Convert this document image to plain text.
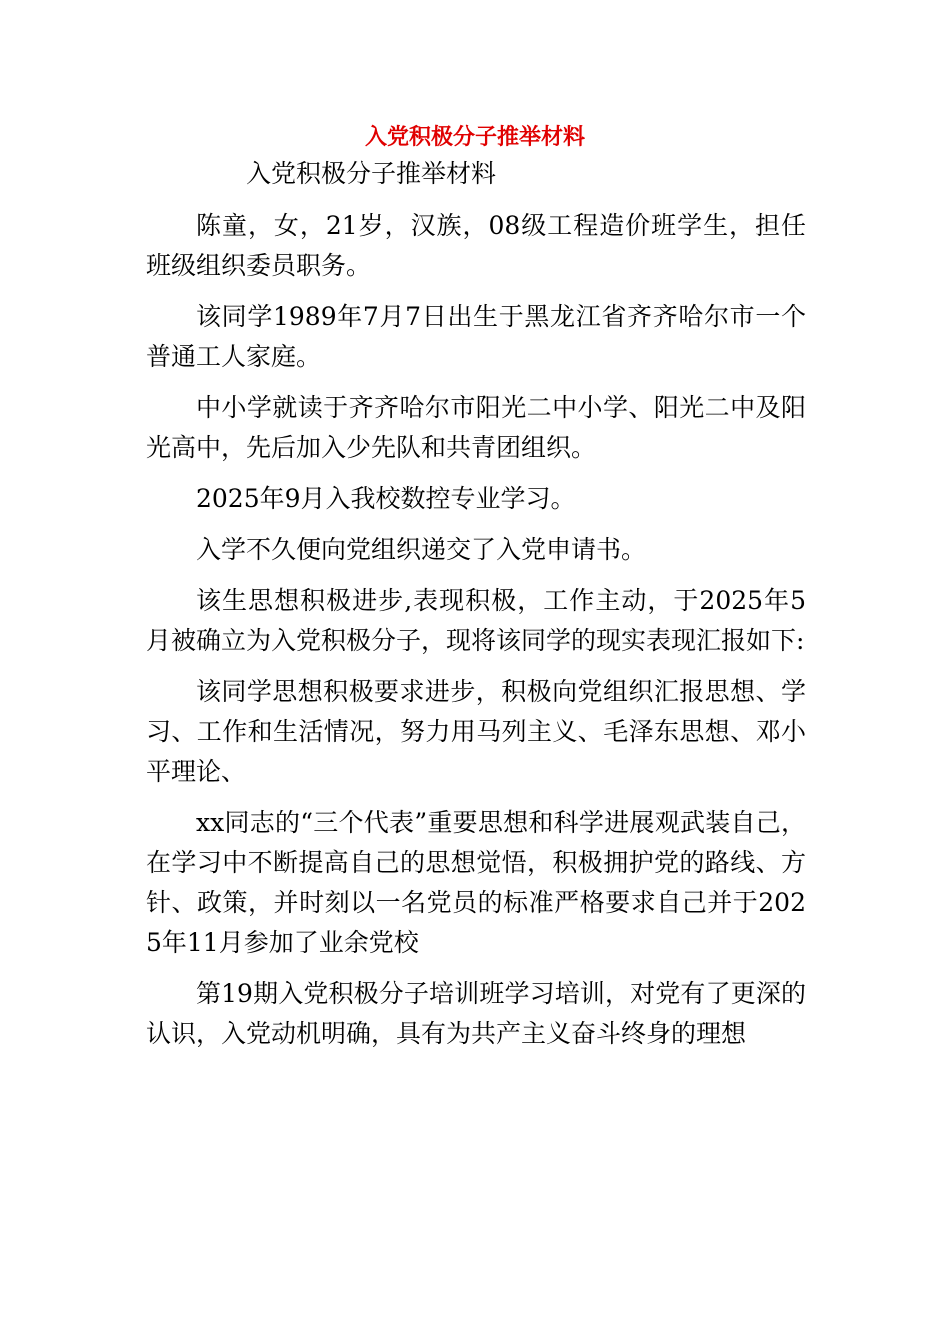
入党积极分子推举材料

入党积极分子推举材料

陈童，女，21岁，汉族，08级工程造价班学生，担任班级组织委员职务。

该同学1989年7月7日出生于黑龙江省齐齐哈尔市一个普通工人家庭。

中小学就读于齐齐哈尔市阳光二中小学、阳光二中及阳光高中，先后加入少先队和共青团组织。

2025年9月入我校数控专业学习。

入学不久便向党组织递交了入党申请书。

该生思想积极进步,表现积极，工作主动，于2025年5月被确立为入党积极分子，现将该同学的现实表现汇报如下:

该同学思想积极要求进步，积极向党组织汇报思想、学习、工作和生活情况，努力用马列主义、毛泽东思想、邓小平理论、

xx同志的“三个代表”重要思想和科学进展观武装自己，在学习中不断提高自己的思想觉悟，积极拥护党的路线、方针、政策，并时刻以一名党员的标准严格要求自己并于2025年11月参加了业余党校

第19期入党积极分子培训班学习培训，对党有了更深的认识，入党动机明确，具有为共产主义奋斗终身的理想
